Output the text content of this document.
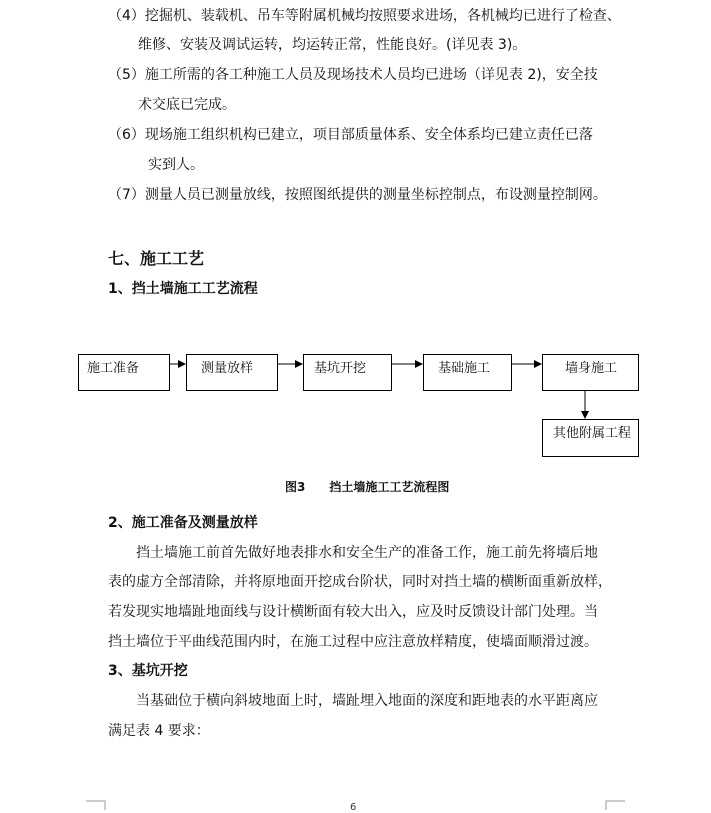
（4）挖掘机、装载机、吊车等附属机械均按照要求进场，各机械均已进行了检查、
维修、安装及调试运转，均运转正常，性能良好。(详见表 3)。
（5）施工所需的各工种施工人员及现场技术人员均已进场（详见表 2)，安全技
术交底已完成。
（6）现场施工组织机构已建立，项目部质量体系、安全体系均已建立责任已落
实到人。
（7）测量人员已测量放线，按照图纸提供的测量坐标控制点，布设测量控制网。
七、施工工艺
1、挡土墙施工工艺流程
施工准备	测量放样	基坑开挖	基础施工	墙身施工
其他附属工程
图3　　挡土墙施工工艺流程图
2、施工准备及测量放样
挡土墙施工前首先做好地表排水和安全生产的准备工作，施工前先将墙后地
表的虚方全部清除，并将原地面开挖成台阶状，同时对挡土墙的横断面重新放样，
若发现实地墙趾地面线与设计横断面有较大出入，应及时反馈设计部门处理。当
挡土墙位于平曲线范围内时，在施工过程中应注意放样精度，使墙面顺滑过渡。
3、基坑开挖
当基础位于横向斜坡地面上时，墙趾埋入地面的深度和距地表的水平距离应
满足表 4 要求：
6
